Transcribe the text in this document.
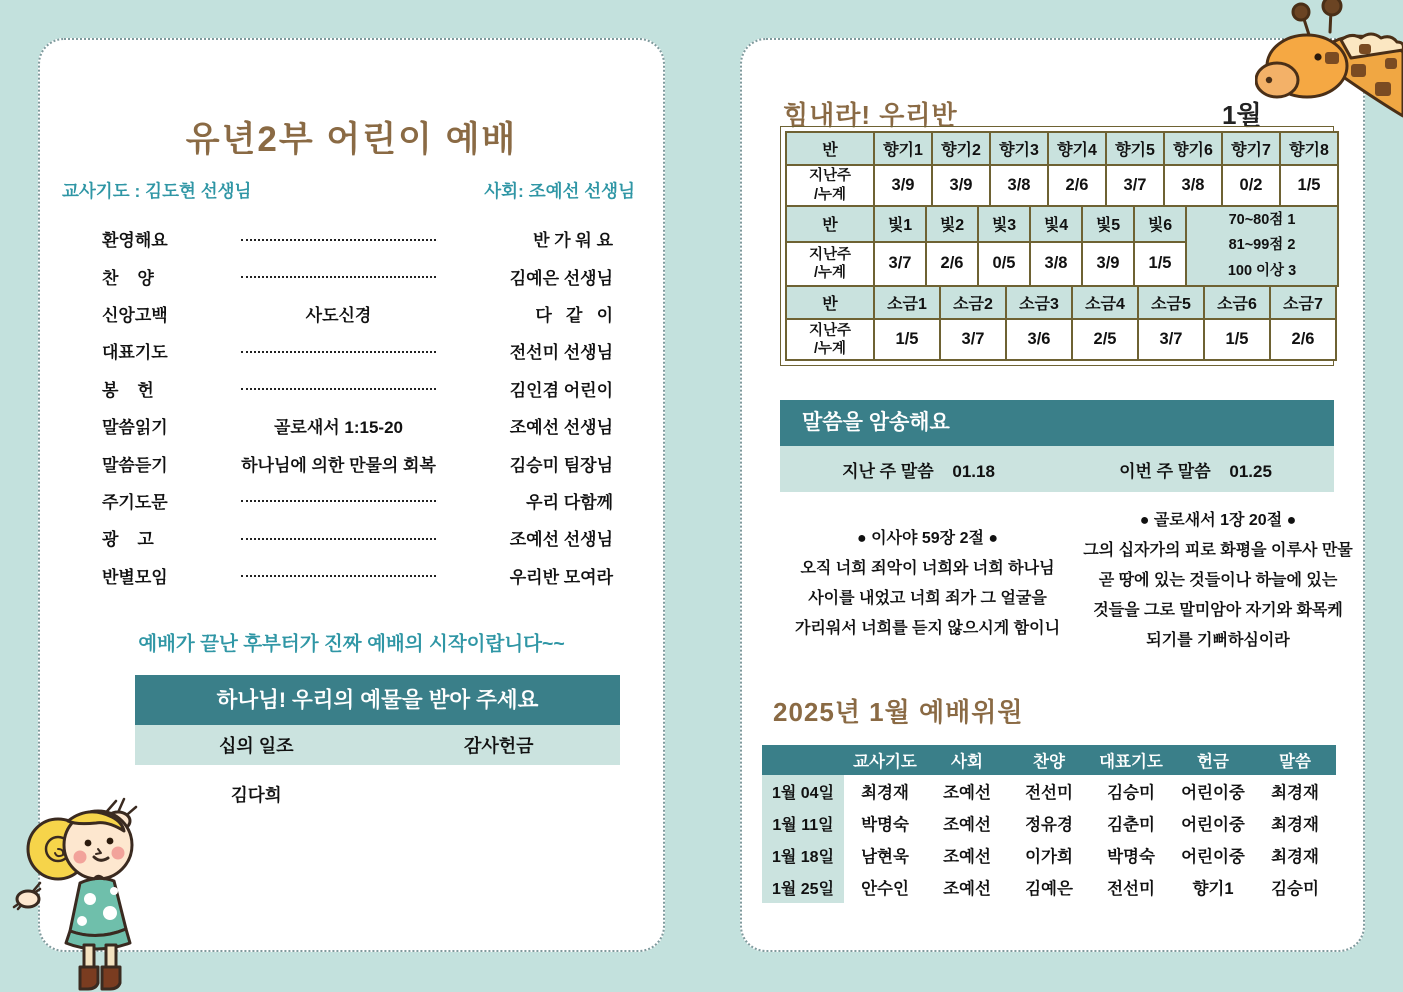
유년2부 어린이 예배
교사기도 : 김도현 선생님	사회: 조예선 선생님
환영해요	반 가 워 요
찬    양	김예은 선생님
신앙고백	사도신경	다   같   이
대표기도	전선미 선생님
봉    헌	김인겸 어린이
말씀읽기	골로새서 1:15-20	조예선 선생님
말씀듣기	하나님에 의한 만물의 회복	김승미 팀장님
주기도문	우리 다함께
광    고	조예선 선생님
반별모임	우리반 모여라
예배가 끝난 후부터가 진짜 예배의 시작이랍니다~~
하나님! 우리의 예물을 받아 주세요
십의 일조	감사헌금
김다희
힘내라! 우리반	1월
반	향기1	향기2	향기3	향기4	향기5	향기6	향기7	향기8

지난주
/누계	3/9	3/9	3/8	2/6	3/7	3/8	0/2	1/5
반	빛1	빛2	빛3	빛4	빛5	빛6	70~80점 1
81~99점 2
100 이상 3

지난주
/누계	3/7	2/6	0/5	3/8	3/9	1/5	
반	소금1	소금2	소금3	소금4	소금5	소금6	소금7

지난주
/누계	1/5	3/7	3/6	2/5	3/7	1/5	2/6
말씀을 암송해요
지난 주 말씀 01.18	이번 주 말씀 01.25
● 이사야 59장 2절 ●
오직 너희 죄악이 너희와 너희 하나님
사이를 내었고 너희 죄가 그 얼굴을
가리워서 너희를 듣지 않으시게 함이니
● 골로새서 1장 20절 ●
그의 십자가의 피로 화평을 이루사 만물
곧 땅에 있는 것들이나 하늘에 있는
것들을 그로 말미암아 자기와 화목케
되기를 기뻐하심이라
2025년 1월 예배위원
	교사기도	사회	찬양	대표기도	헌금	말씀
1월 04일	최경재	조예선	전선미	김승미	어린이중	최경재
1월 11일	박명숙	조예선	정유경	김춘미	어린이중	최경재
1월 18일	남현욱	조예선	이가희	박명숙	어린이중	최경재
1월 25일	안수인	조예선	김예은	전선미	향기1	김승미
